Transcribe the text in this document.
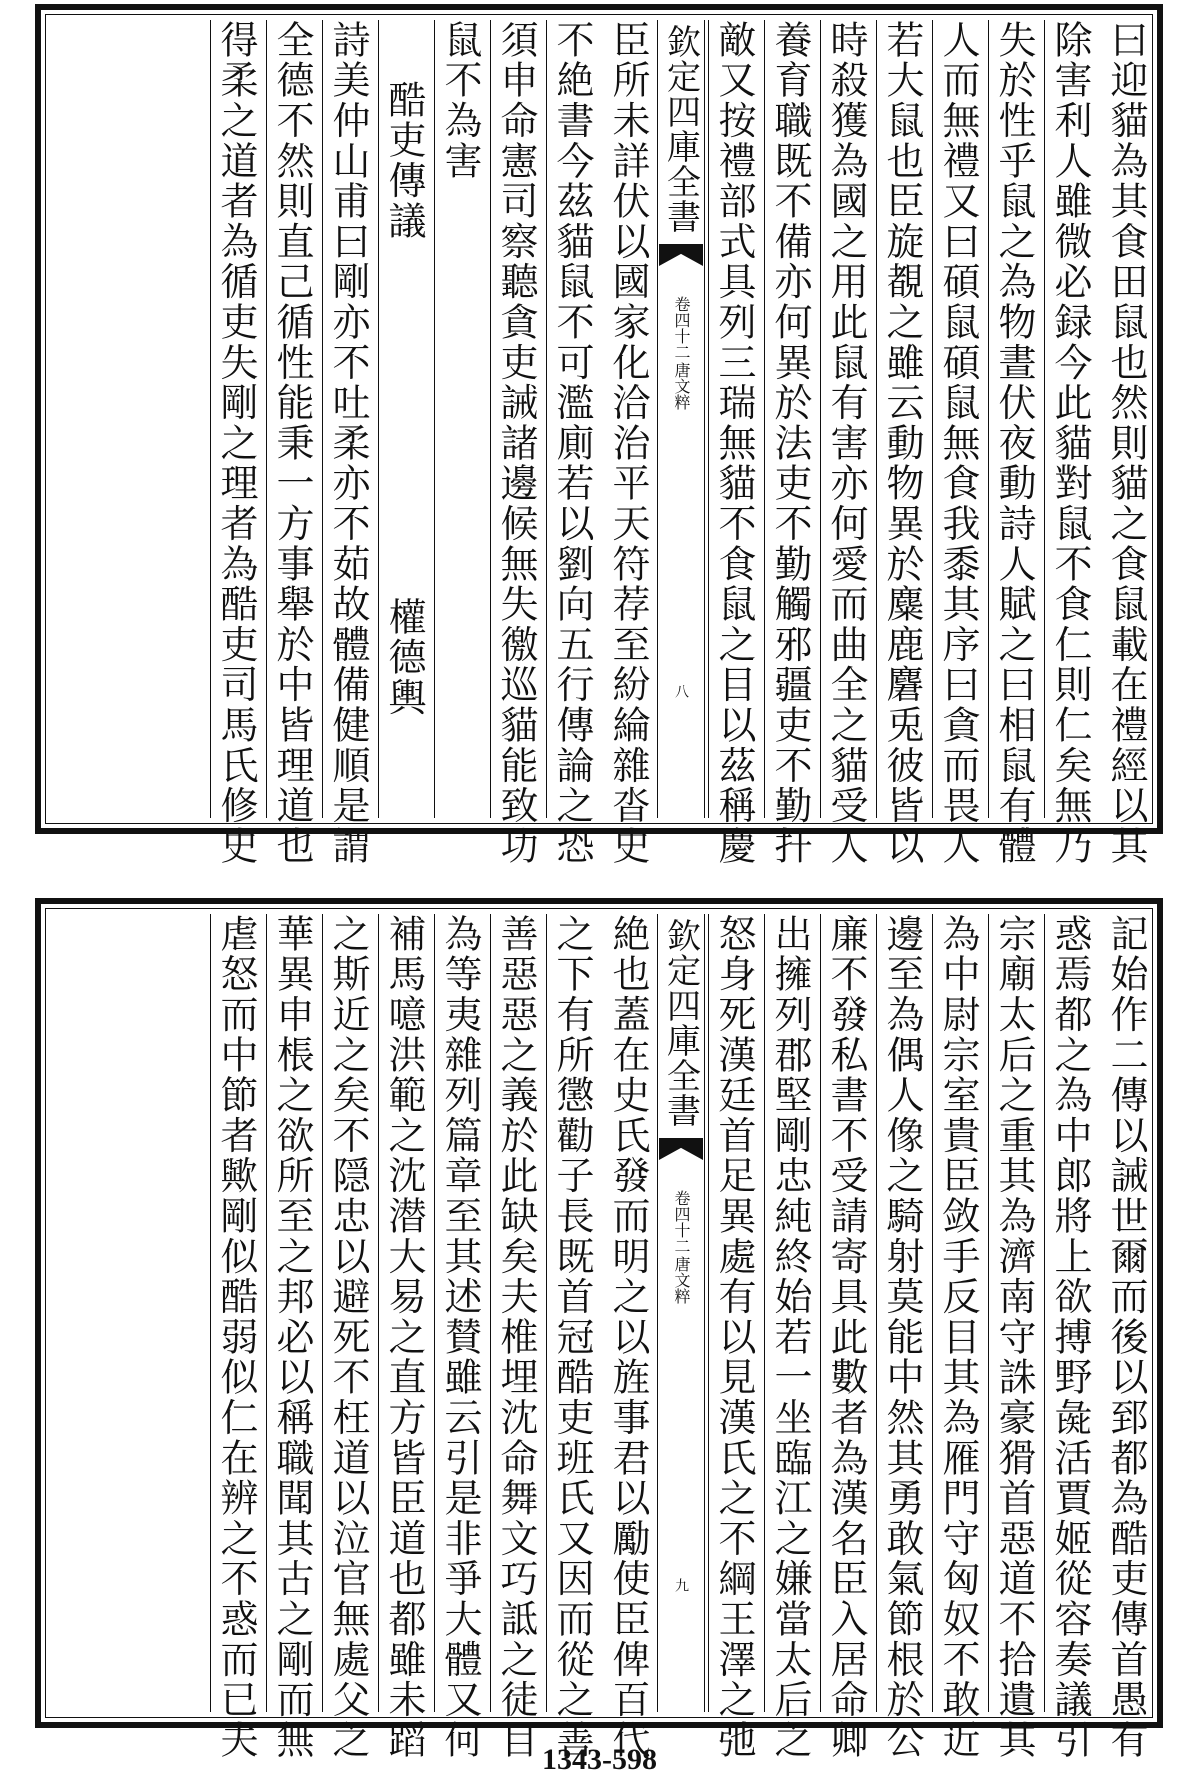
曰迎貓為其食田鼠也然則貓之食鼠載在禮經以其
除害利人雖微必録今此貓對鼠不食仁則仁矣無乃
失於性乎鼠之為物晝伏夜動詩人賦之曰相鼠有體
人而無禮又曰碩鼠碩鼠無食我黍其序曰貪而畏人
若大鼠也臣旋覩之雖云動物異於麋鹿麏兎彼皆以
時殺獲為國之用此鼠有害亦何愛而曲全之貓受人
養育職既不備亦何異於法吏不勤觸邪疆吏不勤扞
敵又按禮部式具列三瑞無貓不食鼠之目以茲稱慶
欽定四庫全書
唐文粹
卷四十二
八
臣所未詳伏以國家化洽治平天符荐至紛綸雜沓史
不絶書今茲貓鼠不可濫廁若以劉向五行傳論之恐
須申命憲司察聽貪吏誡諸邊候無失徼巡貓能致功
鼠不為害
酷吏傳議
權德輿
詩美仲山甫曰剛亦不吐柔亦不茹故體備健順是謂
全德不然則直己循性能秉一方事舉於中皆理道也
得柔之道者為循吏失剛之理者為酷吏司馬氏修史
記始作二傳以誡世爾而後以郅都為酷吏傳首愚有
惑焉都之為中郎將上欲搏野彘活賈姬從容奏議引
宗廟太后之重其為濟南守誅豪猾首惡道不拾遺其
為中尉宗室貴臣敛手反目其為雁門守匈奴不敢近
邊至為偶人像之騎射莫能中然其勇敢氣節根於公
廉不發私書不受請寄具此數者為漢名臣入居命卿
出擁列郡堅剛忠純終始若一坐臨江之嫌當太后之
怒身死漢廷首足異處有以見漢氏之不綱王澤之弛
欽定四庫全書
唐文粹
卷四十二
九
絶也蓋在史氏發而明之以旌事君以勵使臣俾百代
之下有所懲勸子長既首冠酷吏班氏又因而從之善
善惡惡之義於此缺矣夫椎埋沈命舞文巧詆之徒目
為等夷雜列篇章至其述賛雖云引是非爭大體又何
補馬噫洪範之沈潜大易之直方皆臣道也都雖未蹈
之斯近之矣不隠忠以避死不枉道以泣官無處父之
華異申棖之欲所至之邦必以稱職聞其古之剛而無
虐怒而中節者歟剛似酷弱似仁在辨之不惑而已夫	1343-598
